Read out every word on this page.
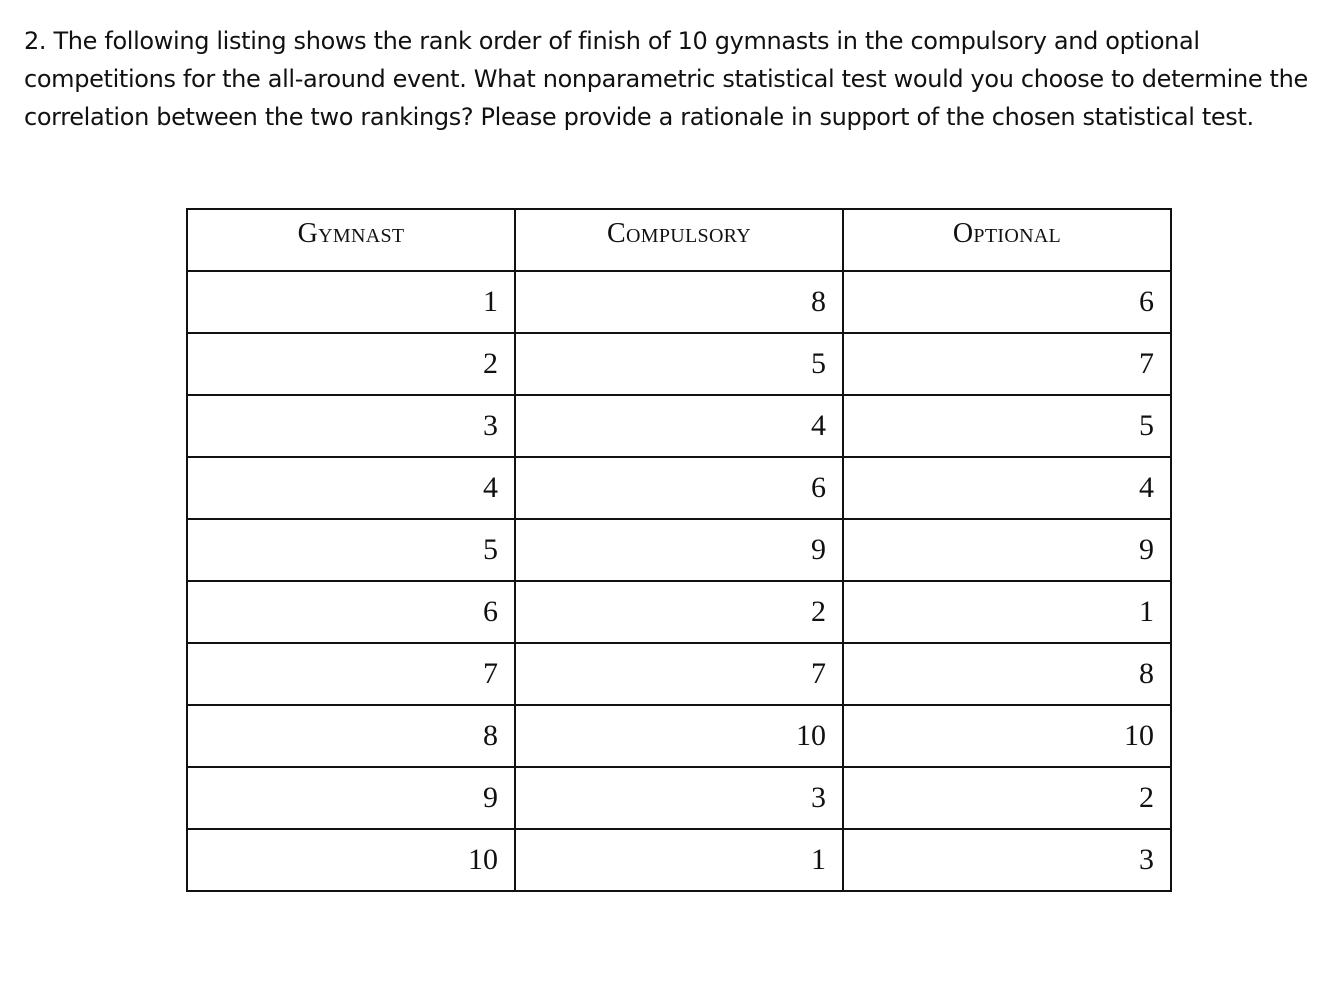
2. The following listing shows the rank order of finish of 10 gymnasts in the compulsory and optional competitions for the all-around event. What nonparametric statistical test would you choose to determine the correlation between the two rankings? Please provide a rationale in support of the chosen statistical test.

Gymnast	Compulsory	Optional
1	8	6
2	5	7
3	4	5
4	6	4
5	9	9
6	2	1
7	7	8
8	10	10
9	3	2
10	1	3
